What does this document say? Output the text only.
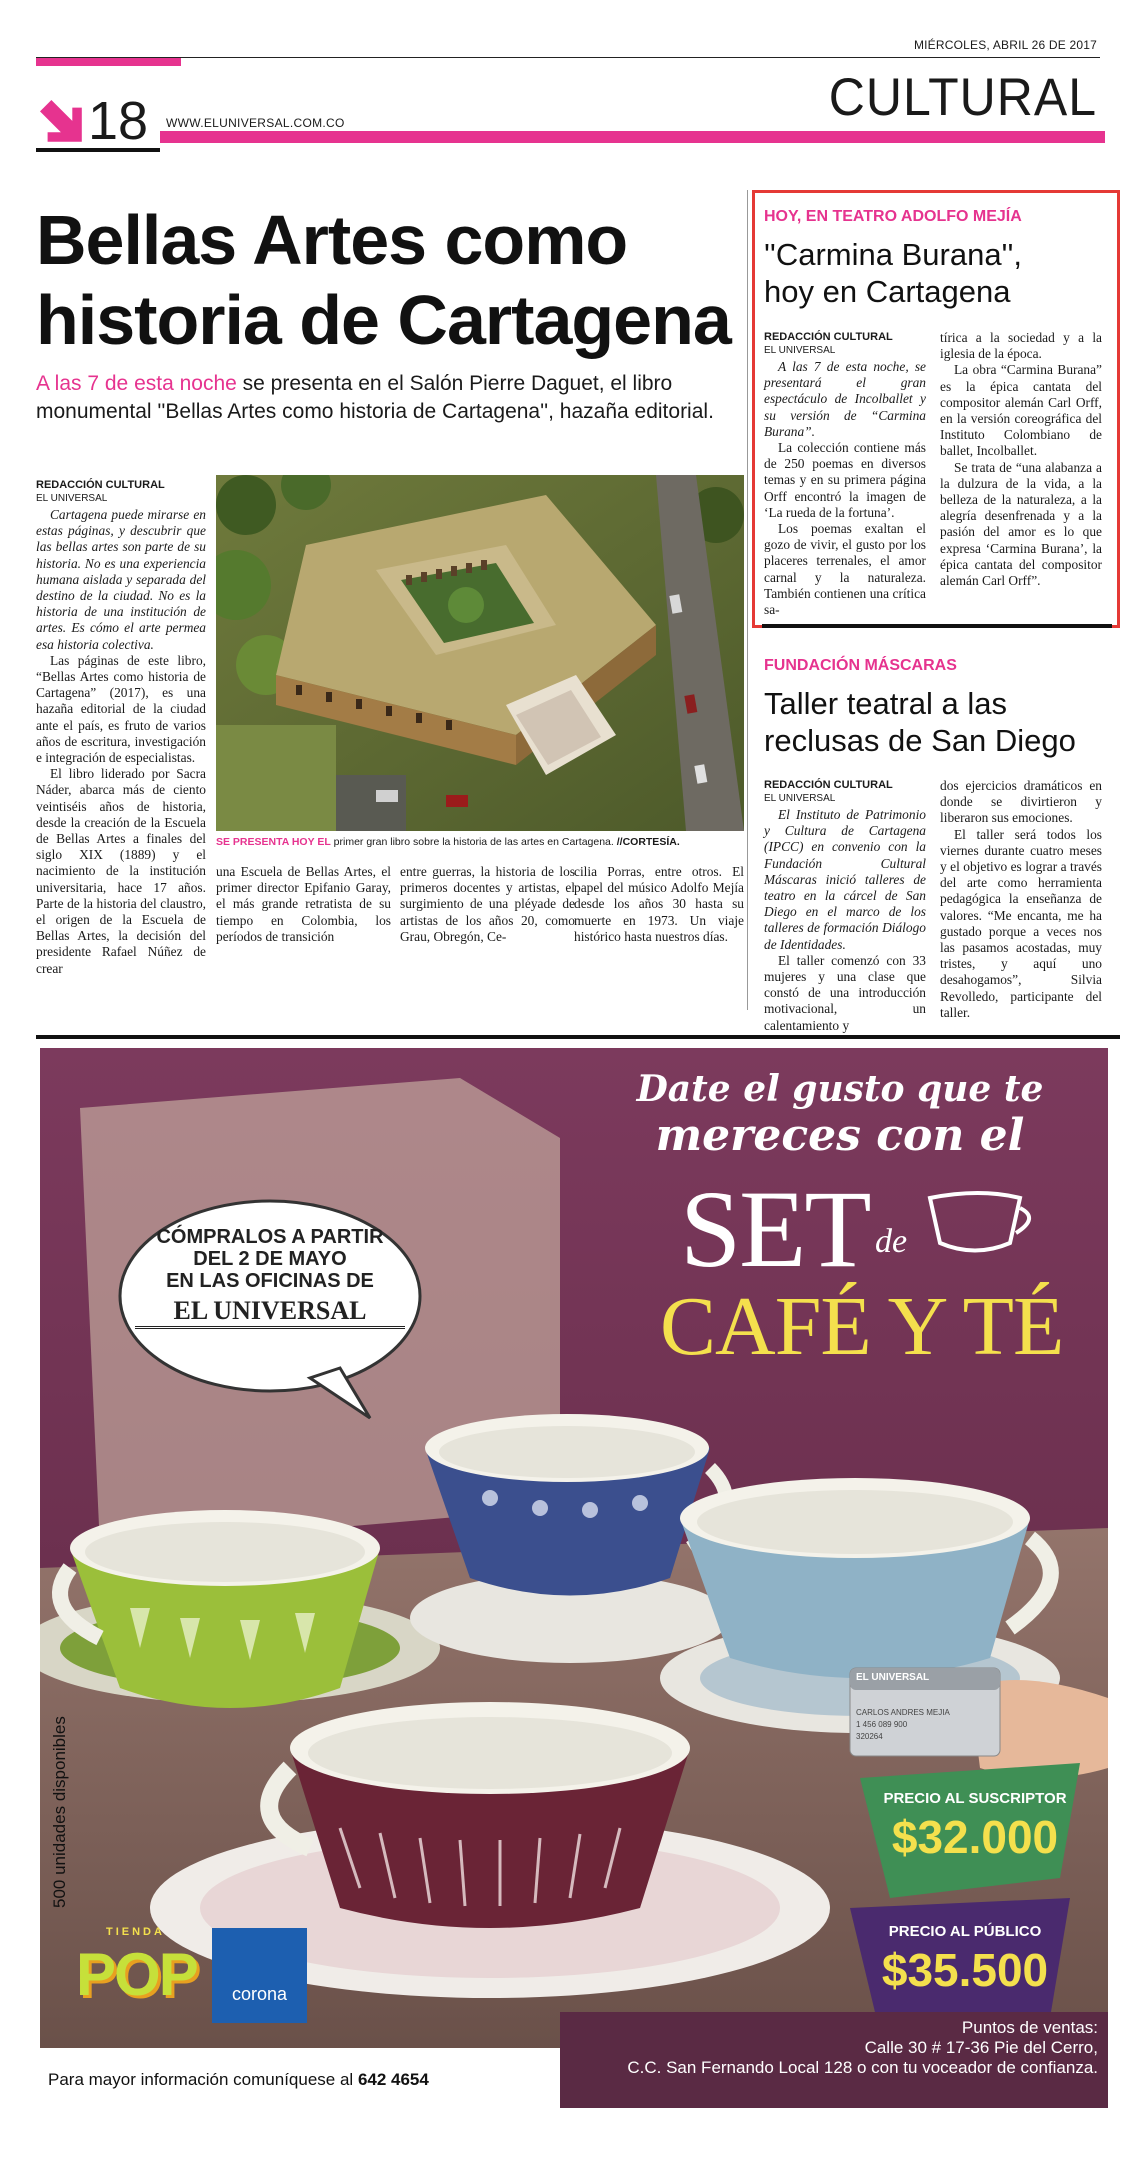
MIÉRCOLES, ABRIL 26 DE 2017
CULTURAL
18 WWW.ELUNIVERSAL.COM.CO
Bellas Artes como
historia de Cartagena
A las 7 de esta noche se presenta en el Salón Pierre Daguet, el libro monumental ''Bellas Artes como historia de Cartagena'', hazaña editorial.
REDACCIÓN CULTURAL
EL UNIVERSAL

Cartagena puede mirarse en estas páginas, y descubrir que las bellas artes son parte de su historia. No es una experiencia humana aislada y separada del destino de la ciudad. No es la historia de una institución de artes. Es cómo el arte permea esa historia colectiva.

Las páginas de este libro, “Bellas Artes como historia de Cartagena” (2017), es una hazaña editorial de la ciudad ante el país, es fruto de varios años de escritura, investigación e integración de especialistas.

El libro liderado por Sacra Náder, abarca más de ciento veintiséis años de historia, desde la creación de la Escuela de Bellas Artes a finales del siglo XIX (1889) y el nacimiento de la institución universitaria, hace 17 años. Parte de la historia del claustro, el origen de la Escuela de Bellas Artes, la decisión del presidente Rafael Núñez de crear

SE PRESENTA HOY EL primer gran libro sobre la historia de las artes en Cartagena. //CORTESÍA.

una Escuela de Bellas Artes, el primer director Epifanio Garay, el más grande retratista de su tiempo en Colombia, los períodos de transición

entre guerras, la historia de los primeros docentes y artistas, el surgimiento de una pléyade de artistas de los años 20, como Grau, Obregón, Ce-

cilia Porras, entre otros. El papel del músico Adolfo Mejía desde los años 30 hasta su muerte en 1973. Un viaje histórico hasta nuestros días.

HOY, EN TEATRO ADOLFO MEJÍA
''Carmina Burana'',
hoy en Cartagena
REDACCIÓN CULTURAL
EL UNIVERSAL

A las 7 de esta noche, se presentará el gran espectáculo de Incolballet y su versión de “Carmina Burana”.

La colección contiene más de 250 poemas en diversos temas y en su primera página Orff encontró la imagen de ‘La rueda de la fortuna’.

Los poemas exaltan el gozo de vivir, el gusto por los placeres terrenales, el amor carnal y la naturaleza. También contienen una crítica sa-

tírica a la sociedad y a la iglesia de la época.

La obra “Carmina Burana” es la épica cantata del compositor alemán Carl Orff, en la versión coreográfica del Instituto Colombiano de ballet, Incolballet.

Se trata de “una alabanza a la dulzura de la vida, a la belleza de la naturaleza, a la alegría desenfrenada y a la pasión del amor es lo que expresa ‘Carmina Burana’, la épica cantata del compositor alemán Carl Orff”.

FUNDACIÓN MÁSCARAS
Taller teatral a las
reclusas de San Diego
REDACCIÓN CULTURAL
EL UNIVERSAL

El Instituto de Patrimonio y Cultura de Cartagena (IPCC) en convenio con la Fundación Cultural Máscaras inició talleres de teatro en la cárcel de San Diego en el marco de los talleres de formación Diálogo de Identidades.

El taller comenzó con 33 mujeres y una clase que constó de una introducción motivacional, un calentamiento y

dos ejercicios dramáticos en donde se divirtieron y liberaron sus emociones.

El taller será todos los viernes durante cuatro meses y el objetivo es lograr a través del arte como herramienta pedagógica la enseñanza de valores. “Me encanta, me ha gustado porque a veces nos las pasamos acostadas, muy tristes, y aquí uno desahogamos”, Silvia Revolledo, participante del taller.

Date el gusto que te
mereces con el
SET de
CAFÉ Y TÉ
CÓMPRALOS A PARTIR
DEL 2 DE MAYO
EN LAS OFICINAS DE
EL UNIVERSAL
500 unidades disponibles
EL UNIVERSAL
CARLOS ANDRES MEJIA
1 456 089 900
320264
PRECIO AL SUSCRIPTOR
$32.000
PRECIO AL PÚBLICO
$35.500
TIENDA
POP	corona
Para mayor información comuníquese al 642 4654
Puntos de ventas:
Calle 30 # 17-36 Pie del Cerro,
C.C. San Fernando Local 128 o con tu voceador de confianza.
